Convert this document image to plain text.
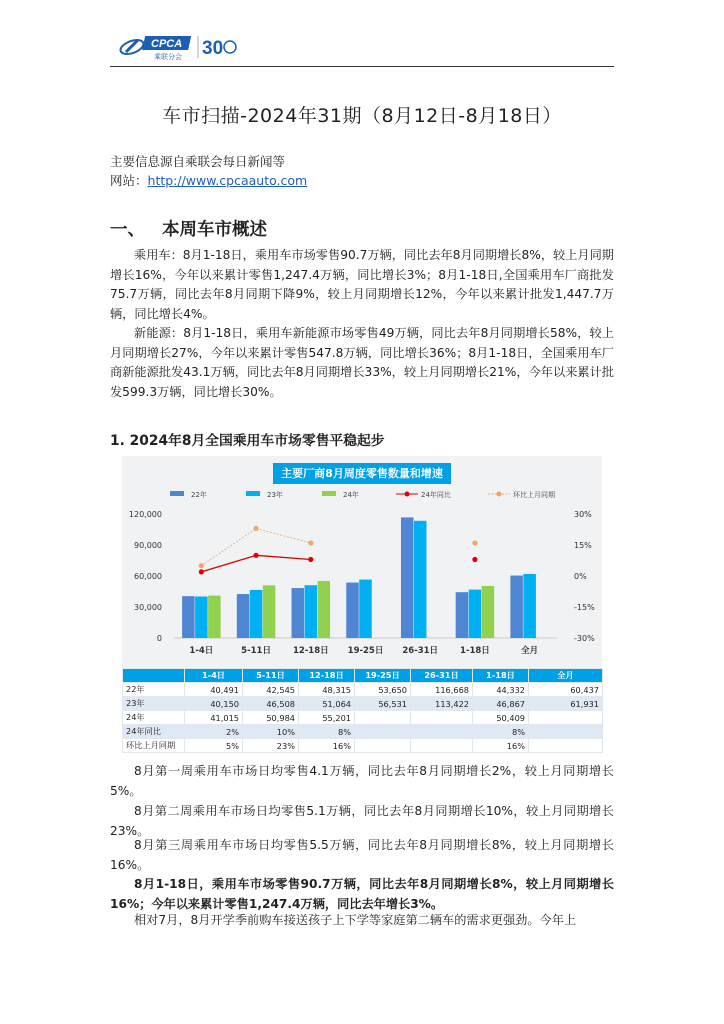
CPCA
乘联分会 30
车市扫描-2024年31期（8月12日-8月18日）
主要信息源自乘联会每日新闻等
网站：http://www.cpcaauto.com
一、 本周车市概述

乘用车：8月1-18日，乘用车市场零售90.7万辆，同比去年8月同期增长8%，较上月同期增长16%，今年以来累计零售1,247.4万辆，同比增长3%；8月1-18日,全国乘用车厂商批发75.7万辆，同比去年8月同期下降9%，较上月同期增长12%，今年以来累计批发1,447.7万辆，同比增长4%。

新能源：8月1-18日，乘用车新能源市场零售49万辆，同比去年8月同期增长58%，较上月同期增长27%，今年以来累计零售547.8万辆，同比增长36%；8月1-18日，全国乘用车厂商新能源批发43.1万辆，同比去年8月同期增长33%，较上月同期增长21%，今年以来累计批发599.3万辆，同比增长30%。

1. 2024年8月全国乘用车市场零售平稳起步
主要厂商8月周度零售数量和增速
0
30,000
60,000
90,000
120,000
-30%
-15%
0%
15%
30%
1-4日	5-11日	12-18日 19-25日 26-31日	1-18日	全月
22年	23年	24年	24年同比	环比上月同期
	1-4日	5-11日	12-18日	19-25日	26-31日	1-18日	全月
22年	40,491	42,545	48,315	53,650	116,668	44,332	60,437
23年	40,150	46,508	51,064	56,531	113,422	46,867	61,931
24年	41,015	50,984	55,201			50,409	
24年同比	2%	10%	8%			8%	
环比上月同期	5%	23%	16%			16%	

8月第一周乘用车市场日均零售4.1万辆，同比去年8月同期增长2%，较上月同期增长5%。

8月第二周乘用车市场日均零售5.1万辆，同比去年8月同期增长10%，较上月同期增长23%。

8月第三周乘用车市场日均零售5.5万辆，同比去年8月同期增长8%，较上月同期增长16%。

8月1-18日，乘用车市场零售90.7万辆，同比去年8月同期增长8%，较上月同期增长16%；今年以来累计零售1,247.4万辆，同比去年增长3%。

相对7月，8月开学季前购车接送孩子上下学等家庭第二辆车的需求更强劲。今年上
